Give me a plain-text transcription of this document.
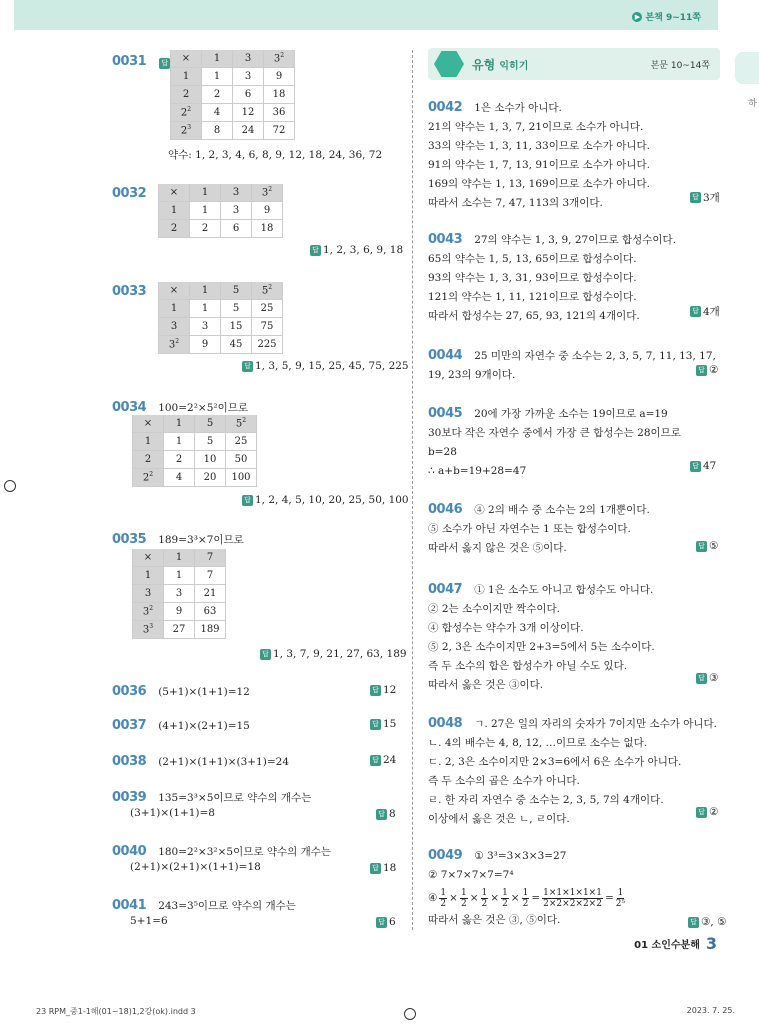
▶ 본책 9~11쪽
하
0031 답 ×	1	3	$3^2$
1	1	3	9
2	2	6	18
$2^2$	4	12	36
$2^3$	8	24	72
약수: 1, 2, 3, 4, 6, 8, 9, 12, 18, 24, 36, 72
0032 ×	1	3	$3^2$
1	1	3	9
2	2	6	18
답 1, 2, 3, 6, 9, 18
0033 ×	1	5	$5^2$
1	1	5	25
3	3	15	75
$3^2$	9	45	225
답 1, 3, 5, 9, 15, 25, 45, 75, 225
0034 100=2²×5²이므로
×	1	5	$5^2$
1	1	5	25
2	2	10	50
$2^2$	4	20	100
답 1, 2, 4, 5, 10, 20, 25, 50, 100
0035 189=3³×7이므로
×	1	7
1	1	7
3	3	21
$3^2$	9	63
$3^3$	27	189
답 1, 3, 7, 9, 21, 27, 63, 189
0036 (5+1)×(1+1)=12	답 12
0037 (4+1)×(2+1)=15	답 15
0038 (2+1)×(1+1)×(3+1)=24	답 24
0039 135=3³×5이므로 약수의 개수는
(3+1)×(1+1)=8	답 8
0040 180=2²×3²×5이므로 약수의 개수는
(2+1)×(2+1)×(1+1)=18	답 18
0041 243=3⁵이므로 약수의 개수는
5+1=6	답 6
유형 익히기	본문 10~14쪽
0042 1은 소수가 아니다.
21의 약수는 1, 3, 7, 21이므로 소수가 아니다.
33의 약수는 1, 3, 11, 33이므로 소수가 아니다.
91의 약수는 1, 7, 13, 91이므로 소수가 아니다.
169의 약수는 1, 13, 169이므로 소수가 아니다.
따라서 소수는 7, 47, 113의 3개이다.	답 3개
0043 27의 약수는 1, 3, 9, 27이므로 합성수이다.
65의 약수는 1, 5, 13, 65이므로 합성수이다.
93의 약수는 1, 3, 31, 93이므로 합성수이다.
121의 약수는 1, 11, 121이므로 합성수이다.
따라서 합성수는 27, 65, 93, 121의 4개이다.	답 4개
0044 25 미만의 자연수 중 소수는 2, 3, 5, 7, 11, 13, 17,
19, 23의 9개이다.	답 ②
0045 20에 가장 가까운 소수는 19이므로 a=19
30보다 작은 자연수 중에서 가장 큰 합성수는 28이므로
b=28
∴ a+b=19+28=47	답 47
0046 ④ 2의 배수 중 소수는 2의 1개뿐이다.
⑤ 소수가 아닌 자연수는 1 또는 합성수이다.
따라서 옳지 않은 것은 ⑤이다.	답 ⑤
0047 ① 1은 소수도 아니고 합성수도 아니다.
② 2는 소수이지만 짝수이다.
④ 합성수는 약수가 3개 이상이다.
⑤ 2, 3은 소수이지만 2+3=5에서 5는 소수이다.
즉 두 소수의 합은 합성수가 아닐 수도 있다.
따라서 옳은 것은 ③이다.
답 ③
0048 ㄱ. 27은 일의 자리의 숫자가 7이지만 소수가 아니다.
ㄴ. 4의 배수는 4, 8, 12, …이므로 소수는 없다.
ㄷ. 2, 3은 소수이지만 2×3=6에서 6은 소수가 아니다.
즉 두 소수의 곱은 소수가 아니다.
ㄹ. 한 자리 자연수 중 소수는 2, 3, 5, 7의 4개이다.
이상에서 옳은 것은 ㄴ, ㄹ이다.
답 ②
0049 ① 3³=3×3×3=27
② 7×7×7×7=7⁴
④ $\frac{1}{2} \times \frac{1}{2} \times \frac{1}{2} \times \frac{1}{2} \times \frac{1}{2} = \frac{1\times 1\times 1\times 1\times 1}{2\times 2\times 2\times 2\times 2} = \frac{1}{\text{2⁵}}$
따라서 옳은 것은 ③, ⑤이다.	답 ③, ⑤
01 소인수분해 3
23 RPM_중1-1해(01~18)1,2강(ok).indd 3	2023. 7. 25.
